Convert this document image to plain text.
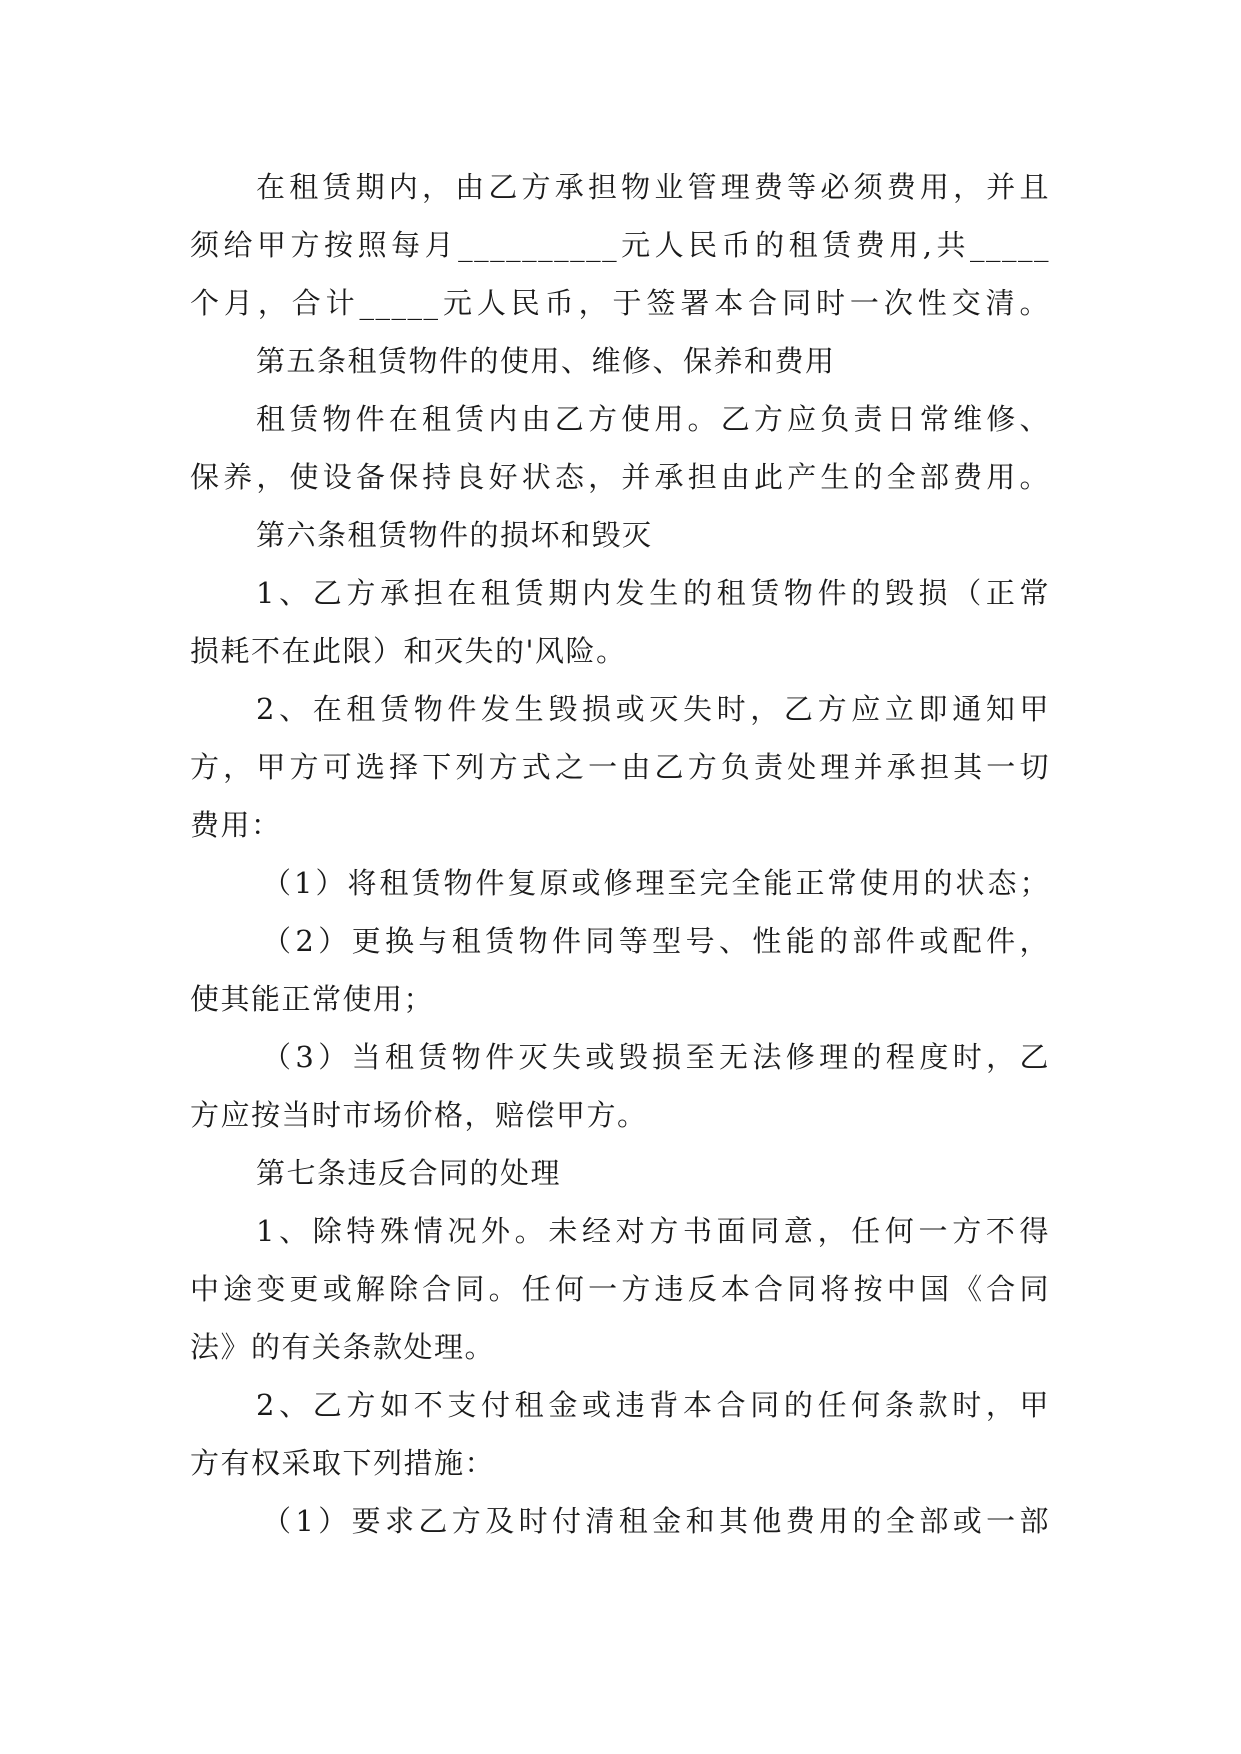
在租赁期内，由乙方承担物业管理费等必须费用，并且
须给甲方按照每月__________元人民币的租赁费用,共_____
个月，合计_____元人民币，于签署本合同时一次性交清。
第五条租赁物件的使用、维修、保养和费用
租赁物件在租赁内由乙方使用。乙方应负责日常维修、
保养，使设备保持良好状态，并承担由此产生的全部费用。
第六条租赁物件的损坏和毁灭
1、乙方承担在租赁期内发生的租赁物件的毁损（正常
损耗不在此限）和灭失的'风险。
2、在租赁物件发生毁损或灭失时，乙方应立即通知甲
方，甲方可选择下列方式之一由乙方负责处理并承担其一切
费用：
（1）将租赁物件复原或修理至完全能正常使用的状态；
（2）更换与租赁物件同等型号、性能的部件或配件，
使其能正常使用；
（3）当租赁物件灭失或毁损至无法修理的程度时，乙
方应按当时市场价格，赔偿甲方。
第七条违反合同的处理
1、除特殊情况外。未经对方书面同意，任何一方不得
中途变更或解除合同。任何一方违反本合同将按中国《合同
法》的有关条款处理。
2、乙方如不支付租金或违背本合同的任何条款时，甲
方有权采取下列措施：
（1）要求乙方及时付清租金和其他费用的全部或一部
